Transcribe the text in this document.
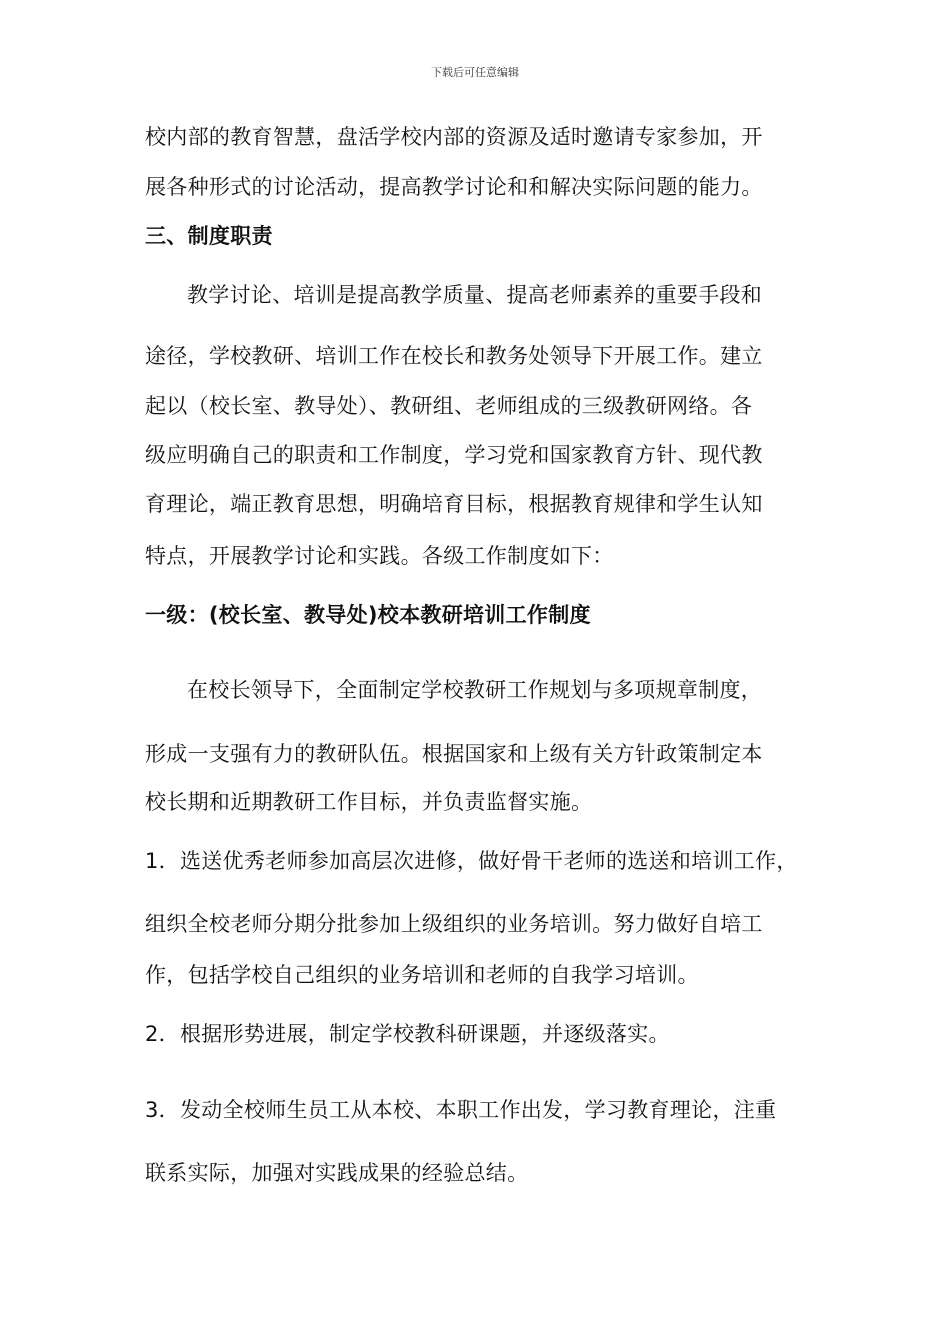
下载后可任意编辑
校内部的教育智慧，盘活学校内部的资源及适时邀请专家参加，开
展各种形式的讨论活动，提高教学讨论和和解决实际问题的能力。
三、制度职责
教学讨论、培训是提高教学质量、提高老师素养的重要手段和
途径，学校教研、培训工作在校长和教务处领导下开展工作。建立
起以（校长室、教导处）、教研组、老师组成的三级教研网络。各
级应明确自己的职责和工作制度，学习党和国家教育方针、现代教
育理论，端正教育思想，明确培育目标，根据教育规律和学生认知
特点，开展教学讨论和实践。各级工作制度如下：
一级：(校长室、教导处)校本教研培训工作制度
在校长领导下，全面制定学校教研工作规划与多项规章制度，
形成一支强有力的教研队伍。根据国家和上级有关方针政策制定本
校长期和近期教研工作目标，并负责监督实施。
1．选送优秀老师参加高层次进修，做好骨干老师的选送和培训工作，
组织全校老师分期分批参加上级组织的业务培训。努力做好自培工
作，包括学校自己组织的业务培训和老师的自我学习培训。
2．根据形势进展，制定学校教科研课题，并逐级落实。
3．发动全校师生员工从本校、本职工作出发，学习教育理论，注重
联系实际，加强对实践成果的经验总结。
